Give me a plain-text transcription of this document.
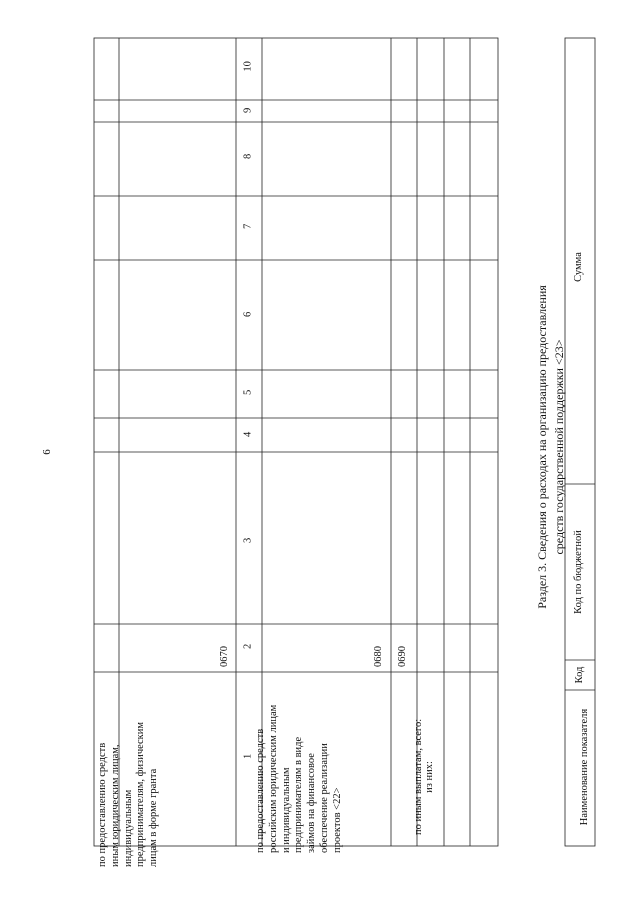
6
1
2
3
4
5
6
7
8
9
10
по предоставлению средств иным юридическим лицам, индивидуальным предпринимателям, физическим лицам в форме гранта
0670
по предоставлению средств российским юридическим лицам и индивидуальным предпринимателям в виде займов на финансовое обеспечение реализации проектов <22>
0680
по иным выплатам, всего:
0690
из них:
Раздел 3. Сведения о расходах на организацию предоставления средств государственной поддержки <23>
Наименование показателя
Код
Код по бюджетной
Сумма
